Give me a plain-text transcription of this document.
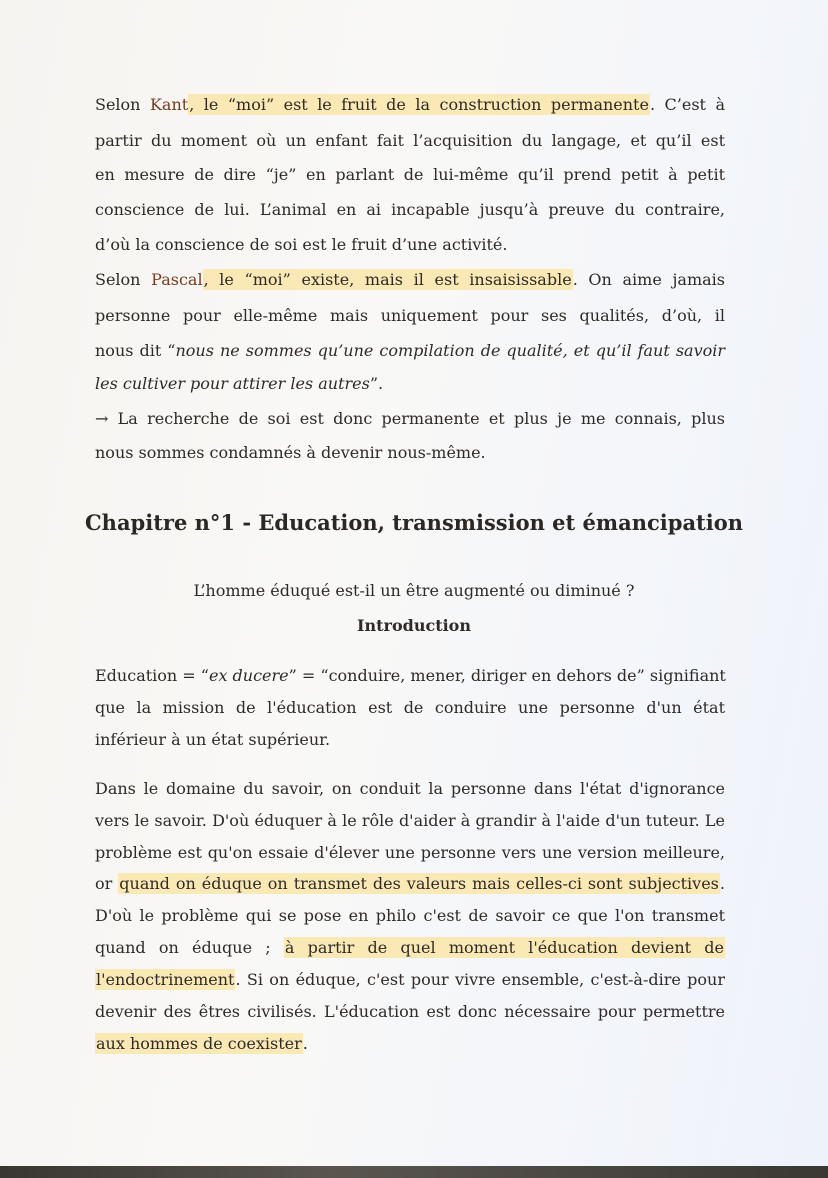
Selon Kant, le “moi” est le fruit de la construction permanente. C’est à

partir du moment où un enfant fait l’acquisition du langage, et qu’il est

en mesure de dire “je” en parlant de lui-même qu’il prend petit à petit

conscience de lui. L’animal en ai incapable jusqu’à preuve du contraire,

d’où la conscience de soi est le fruit d’une activité.

Selon Pascal, le “moi” existe, mais il est insaisissable. On aime jamais

personne pour elle-même mais uniquement pour ses qualités, d’où, il

nous dit “nous ne sommes qu’une compilation de qualité, et qu’il faut savoir

les cultiver pour attirer les autres”.

→ La recherche de soi est donc permanente et plus je me connais, plus

nous sommes condamnés à devenir nous-même.

Chapitre n°1 - Education, transmission et émancipation

L’homme éduqué est-il un être augmenté ou diminué ?

Introduction

Education = “ex ducere” = “conduire, mener, diriger en dehors de” signifiant

que la mission de l'éducation est de conduire une personne d'un état

inférieur à un état supérieur.

Dans le domaine du savoir, on conduit la personne dans l'état d'ignorance

vers le savoir. D'où éduquer à le rôle d'aider à grandir à l'aide d'un tuteur. Le

problème est qu'on essaie d'élever une personne vers une version meilleure,

or quand on éduque on transmet des valeurs mais celles-ci sont subjectives.

D'où le problème qui se pose en philo c'est de savoir ce que l'on transmet

quand on éduque ; à partir de quel moment l'éducation devient de

l'endoctrinement. Si on éduque, c'est pour vivre ensemble, c'est-à-dire pour

devenir des êtres civilisés. L'éducation est donc nécessaire pour permettre

aux hommes de coexister.
